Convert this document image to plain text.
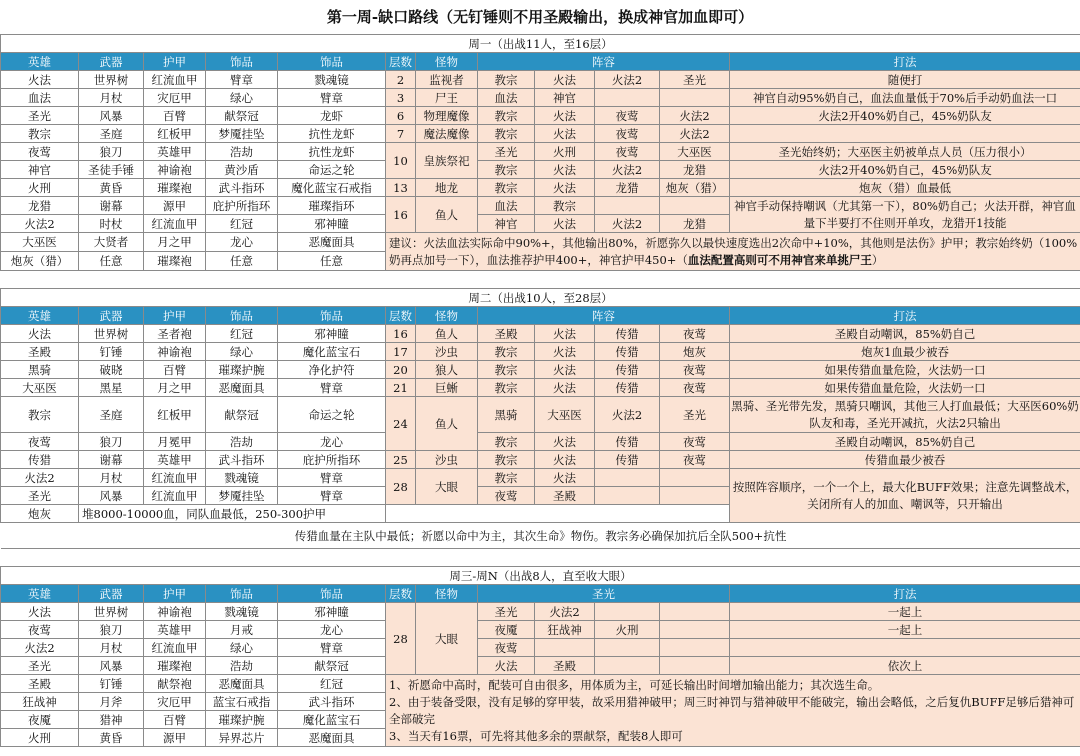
第一周-缺口路线（无钉锤则不用圣殿输出，换成神官加血即可）
周一（出战11人，至16层）											
英雄	武器	护甲	饰品	饰品	层数	怪物	阵容				打法
火法	世界树	红流血甲	臂章	戮魂镜	2	监视者	教宗	火法	火法2	圣光	随便打
血法	月杖	灾厄甲	绿心	臂章	3	尸王	血法	神官			神官自动95%奶自己，血法血量低于70%后手动奶血法一口
圣光	风暴	百臂	献祭冠	龙虾	6	物理魔像	教宗	火法	夜莺	火法2	火法2开40%奶自己，45%奶队友
教宗	圣庭	红板甲	梦魇挂坠	抗性龙虾	7	魔法魔像	教宗	火法	夜莺	火法2	
夜莺	狼刀	英雄甲	浩劫	抗性龙虾	10	皇族祭祀	圣光	火刑	夜莺	大巫医	圣光始终奶；大巫医主奶被单点人员（压力很小）
神官	圣徒手锤	神谕袍	黄沙盾	命运之轮			教宗	火法	火法2	龙猎	火法2开40%奶自己，45%奶队友
火刑	黄昏	璀璨袍	武斗指环	魔化蓝宝石戒指	13	地龙	教宗	火法	龙猎	炮灰（猎）	炮灰（猎）血最低
龙猎	谢幕	源甲	庇护所指环	璀璨指环	16	鱼人	血法	教宗			神官手动保持嘲讽（尤其第一下），80%奶自己；火法开群，神官血量下半要打不住则开单攻，龙猎开1技能
火法2	时杖	红流血甲	红冠	邪神瞳			神官	火法	火法2	龙猎	
大巫医	大贤者	月之甲	龙心	恶魔面具	建议：火法血法实际命中90%+，其他输出80%，祈愿弥久以最快速度选出2次命中+10%，其他则是法伤》护甲；教宗始终奶（100%奶再点加号一下），血法推荐护甲400+，神官护甲450+（血法配置高则可不用神官来单挑尸王）						
炮灰（猎）	任意	璀璨袍	任意	任意							

周二（出战10人，至28层）											
英雄	武器	护甲	饰品	饰品	层数	怪物	阵容				打法
火法	世界树	圣者袍	红冠	邪神瞳	16	鱼人	圣殿	火法	传猎	夜莺	圣殿自动嘲讽，85%奶自己
圣殿	钉锤	神谕袍	绿心	魔化蓝宝石	17	沙虫	教宗	火法	传猎	炮灰	炮灰1血最少被吞
黑骑	破晓	百臂	璀璨护腕	净化护符	20	狼人	教宗	火法	传猎	夜莺	如果传猎血量危险，火法奶一口
大巫医	黑星	月之甲	恶魔面具	臂章	21	巨蜥	教宗	火法	传猎	夜莺	如果传猎血量危险，火法奶一口
教宗	圣庭	红板甲	献祭冠	命运之轮	24	鱼人	黑骑	大巫医	火法2	圣光	黑骑、圣光带先发，黑骑只嘲讽，其他三人打血最低；大巫医60%奶队友和毒，圣光开减抗，火法2只输出
夜莺	狼刀	月冕甲	浩劫	龙心			教宗	火法	传猎	夜莺	圣殿自动嘲讽，85%奶自己
传猎	谢幕	英雄甲	武斗指环	庇护所指环	25	沙虫	教宗	火法	传猎	夜莺	传猎血最少被吞
火法2	月杖	红流血甲	戮魂镜	臂章	28	大眼	教宗	火法			按照阵容顺序，一个一个上，最大化BUFF效果；注意先调整战术，关闭所有人的加血、嘲讽等，只开输出
圣光	风暴	红流血甲	梦魇挂坠	臂章			夜莺	圣殿			
炮灰	堆8000-10000血，同队血最低，250-300护甲										
传猎血量在主队中最低；祈愿以命中为主，其次生命》物伤。教宗务必确保加抗后全队500+抗性											

周三-周N（出战8人，直至收大眼）											
英雄	武器	护甲	饰品	饰品	层数	怪物	圣光				打法
火法	世界树	神谕袍	戮魂镜	邪神瞳	28	大眼	圣光	火法2			一起上
夜莺	狼刀	英雄甲	月戒	龙心			夜魇	狂战神	火刑		一起上
火法2	月杖	红流血甲	绿心	臂章			夜莺				
圣光	风暴	璀璨袍	浩劫	献祭冠			火法	圣殿			依次上
圣殿	钉锤	献祭袍	恶魔面具	红冠	1、祈愿命中高时，配装可自由很多，用体质为主，可延长输出时间增加输出能力；其次选生命。
2、由于装备受限，没有足够的穿甲装，故采用猎神破甲；周三时神罚与猎神破甲不能破完，输出会略低，之后复仇BUFF足够后猎神可全部破完
3、当天有16票，可先将其他多余的票献祭，配装8人即可						

狂战神	月斧	灾厄甲	蓝宝石戒指	武斗指环							
夜魇	猎神	百臂	璀璨护腕	魔化蓝宝石							
火刑	黄昏	源甲	异界芯片	恶魔面具							
